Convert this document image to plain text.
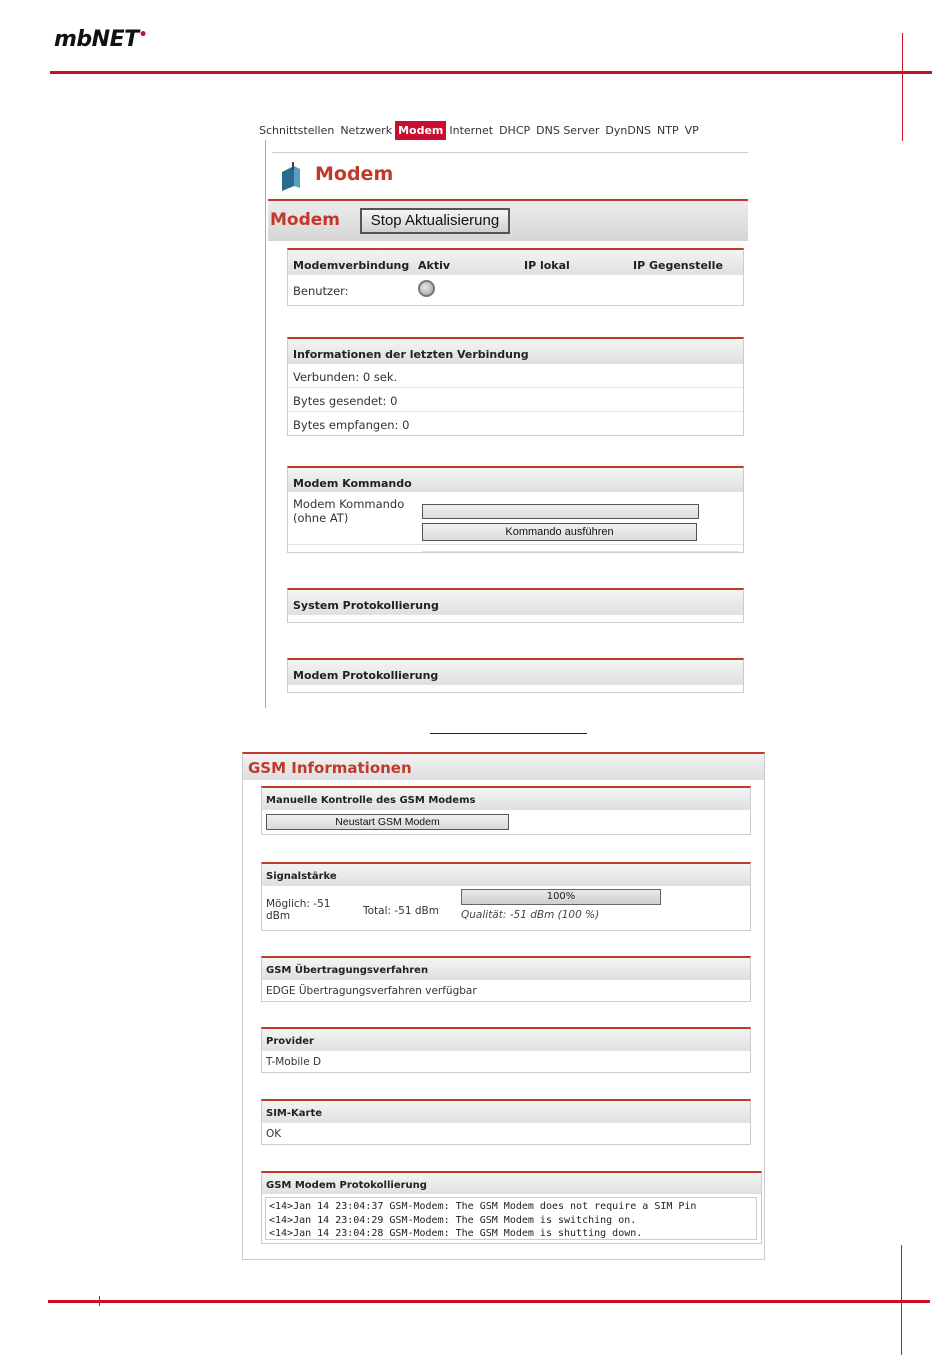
mbNET•
Schnittstellen Netzwerk Modem Internet DHCP DNS Server DynDNS NTP VP
Modem
Modem	Stop Aktualisierung
Modemverbindung Aktiv	IP lokal	IP Gegenstelle
Benutzer:
Informationen der letzten Verbindung
Verbunden: 0 sek.
Bytes gesendet: 0
Bytes empfangen: 0
Modem Kommando
Modem Kommando (ohne AT)
Kommando ausführen
System Protokollierung
Modem Protokollierung
GSM Informationen
Manuelle Kontrolle des GSM Modems
Neustart GSM Modem
Signalstärke
Möglich: -51 dBm	Total: -51 dBm
100%
Qualität: -51 dBm (100 %)
GSM Übertragungsverfahren
EDGE Übertragungsverfahren verfügbar
Provider
T-Mobile D
SIM-Karte
OK
GSM Modem Protokollierung
<14>Jan 14 23:04:37 GSM-Modem: The GSM Modem does not require a SIM Pin
<14>Jan 14 23:04:29 GSM-Modem: The GSM Modem is switching on.
<14>Jan 14 23:04:28 GSM-Modem: The GSM Modem is shutting down.
